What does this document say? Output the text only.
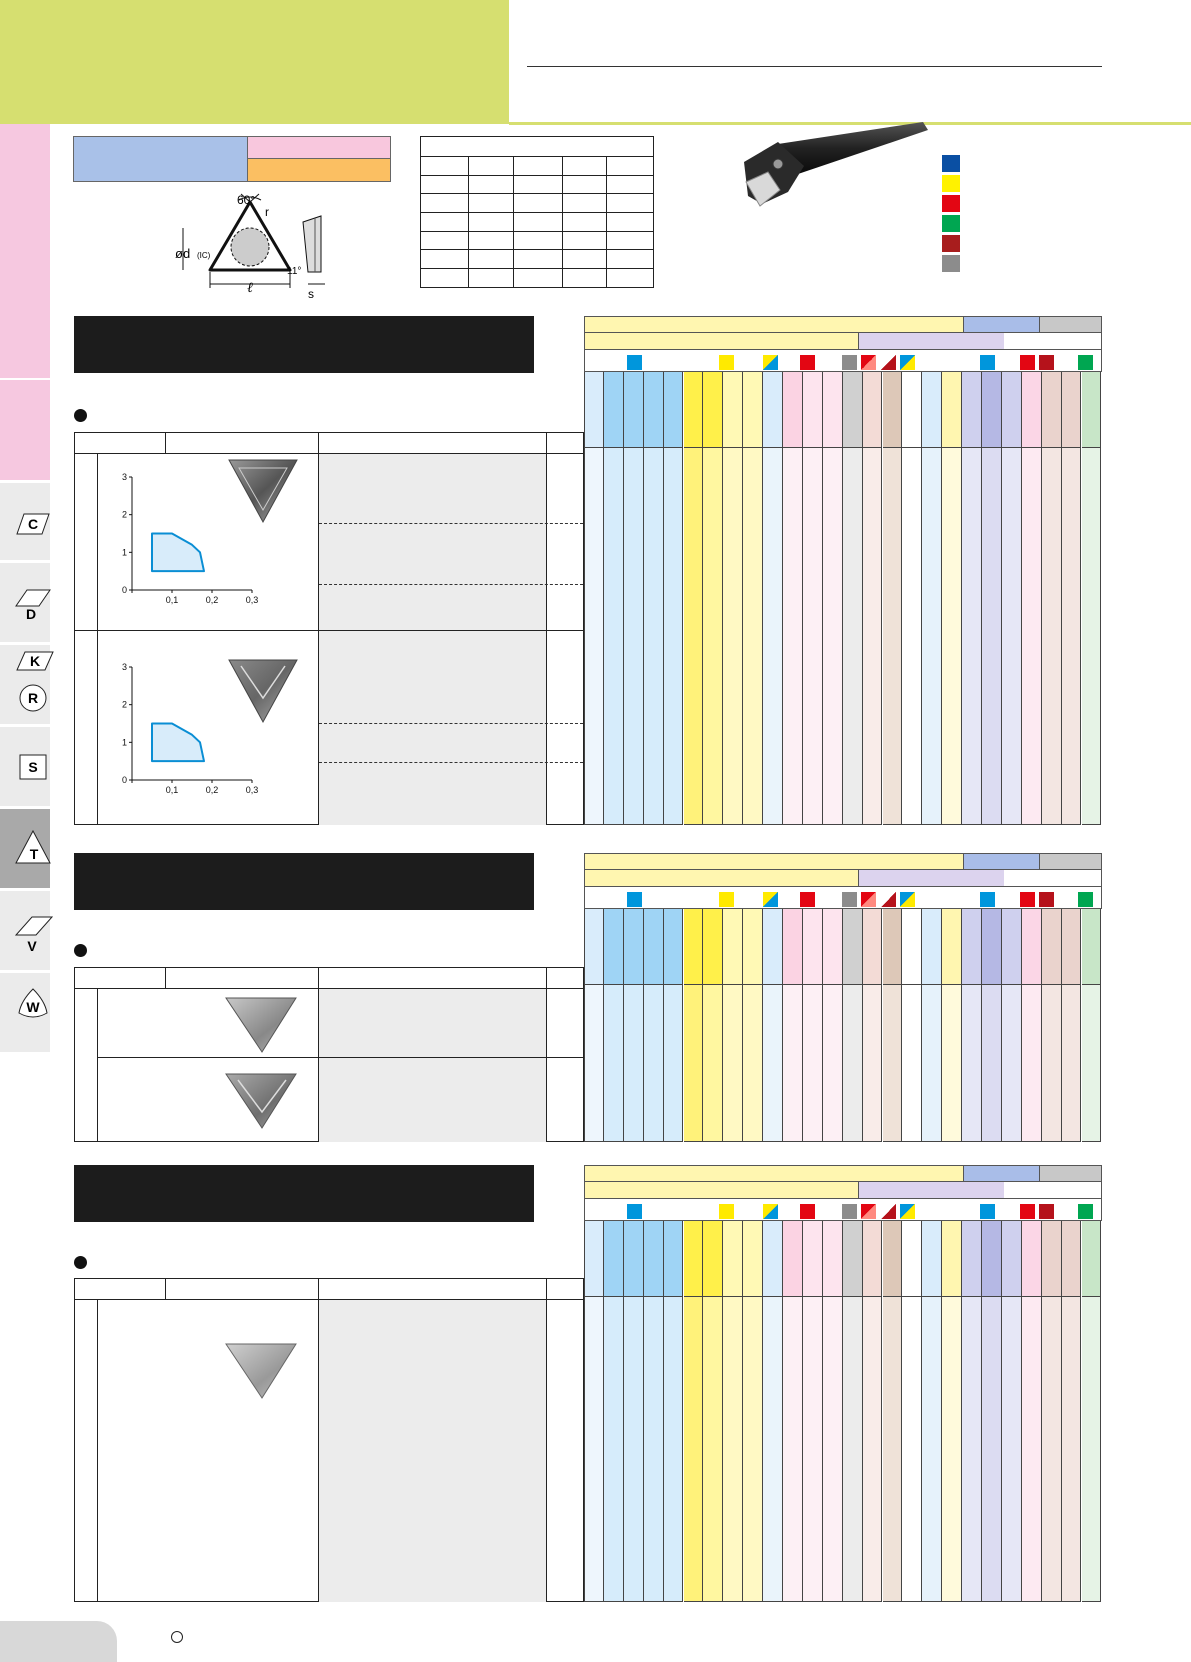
C
D
K
R
S
T
V
W
60°
r
ød (IC)
ℓ
11°
s

0,1	0,2	0,3
0
1
2
3
0,1	0,2	0,3
0
1
2
3
